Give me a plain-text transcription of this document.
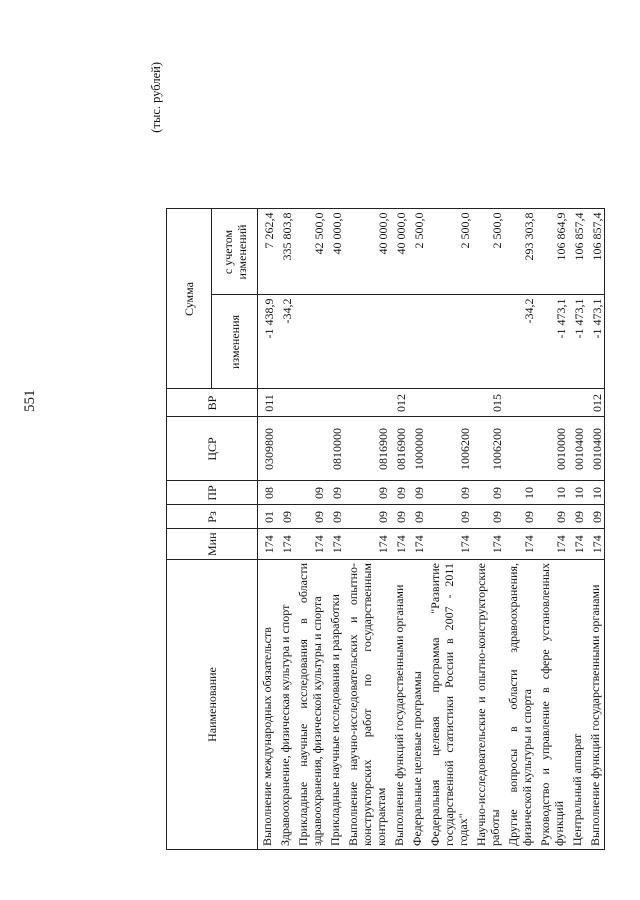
551
(тыс. рублей)
Наименование	Мин	Рз	ПР	ЦСР	ВР	Сумма	
						изменения	с учетом изменений
Выполнение международных обязательств	174	01	08	0309800	011	-1 438,9	7 262,4
Здравоохранение, физическая культура и спорт	174	09				-34,2	335 803,8
Прикладные научные исследования в области здравоохранения, физической культуры и спорта	174	09	09				42 500,0
Прикладные научные исследования и разработки	174	09	09	0810000			40 000,0
Выполнение научно-исследовательских и опытно-конструкторских работ по государственным контрактам	174	09	09	0816900			40 000,0
Выполнение функций государственными органами	174	09	09	0816900	012		40 000,0
Федеральные целевые программы	174	09	09	1000000			2 500,0
Федеральная целевая программа "Развитие государственной статистики России в 2007 - 2011 годах"	174	09	09	1006200			2 500,0
Научно-исследовательские и опытно-конструкторские работы	174	09	09	1006200	015		2 500,0
Другие вопросы в области здравоохранения, физической культуры и спорта	174	09	10			-34,2	293 303,8
Руководство и управление в сфере установленных функций	174	09	10	0010000		-1 473,1	106 864,9
Центральный аппарат	174	09	10	0010400		-1 473,1	106 857,4
Выполнение функций государственными органами	174	09	10	0010400	012	-1 473,1	106 857,4
